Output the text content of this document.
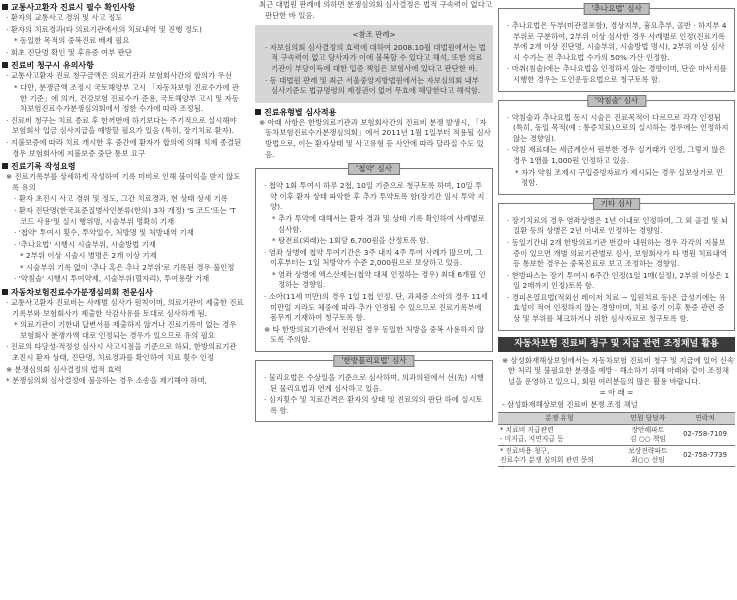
교통사고환자 진료시 필수 확인사항
· 환자의 교통사고 경위 및 사고 정도
· 환자의 치료경과(타 의료기관에서의 치료내역 및 진행 정도)
* 동일한 목적의 중복진료 배제 필요
· 회초 진단명 확인 및 후유증 여부 판단
진료비 청구시 유의사항
· 교통사고환자 진료 청구금액은 의료기관과 보험회사간의 합의가 우선
* 다만, 분쟁금액 조정시 국토해양부 고시 「자동차보험 진료수가에 관한 기준」에 의거, 건강보험 진료수가 준용, 국토해양부 고시 및 자동차보험진료수가분쟁심의회에서 정한 수가에 따라 조정됨.
· 진료비 청구는 치료 종료 후 한꺼번에 하기보다는 주기적으로 실시해야 보험회사 입금 심사지급을 예방할 필요가 있음 (특히, 장기치료 환자).
· 지불보증에 따라 치료 개시한 후 중간에 환자가 합의에 의해 치제 종결된 경우 보험회사에 지불보증 중단 통보 요구
진료기록 작성요령
※ 진료기록부를 상세하게 작성하여 기록 미비로 인해 불이익을 받지 않도록 유의
· 환자 초진시 사고 경위 및 정도, 그간 치료경과, 현 상태 상세 기록
· 환자 진단명(한국표준질병사인분류(한의) 3차 개정) 'S 코드'또는 'T 코드 사용'및 실시 행위명, 시술부위 명확히 기재
· '첩약' 투여시 횟수, 투약일수, 처방명 및 처방내역 기재
· '추나요법' 시행시 시술부위, 시술방법 기재
* 2부위 이상 시술시 병명은 2개 이상 기재
* 시술부위 기록 없이 '추나 혹은 추나 2부위'로 기록된 경우 불인정
· '약침술' 시행시 투여약제, 시술부위(혈자리), 투여용량 기재
자동차보험진료수가분쟁심의회 전문심사
· 교통사고환자 진료비는 사례별 심사가 원칙이며, 의료기관이 제출한 진료기록부와 보험회사가 제출한 삭감사유를 토대로 심사하게 됨.
* 의료기관이 기한내 답변서를 제출하지 않거나 진료기록이 없는 경우 보험회사 분쟁가액 대로 인정되는 경우가 있으므로 유의 필요
· 진료의 타당성·적정성 심사시 사고시점을 기준으로 하되, 한방의료기관 초진시 환자 상태, 진단명, 치료경과를 확인하여 치료 횟수 인정
※ 분쟁심의회 심사결정의 법적 효력
* 분쟁심의회 심사결정에 불응하는 경우 소송을 제기해야 하며,
최근 대법원 판례에 의하면 분쟁심의회 심사결정은 법적 구속력이 없다고 판단한 바 있음.
<참조 판례>
· 자보심의회 심사결정의 효력에 대하여 2008.10월 대법원에서는 법적 구속력이 없고 당사자가 이에 불복할 수 있다고 해석, 또한 의료기관이 부당이득에 대한 입증 책임은 보험사에 있다고 판단한 바.
· 동 대법원 판례 및 최근 서울중앙지방법원에서는 자보심의회 내부 심사기준도 법규명령의 제정권이 없어 무효에 해당한다고 해석함.
진료유형별 심사적용
※ 아래 사항은 한방의료기관과 보험회사간의 진료비 분쟁 발생시, 「자동차보험진료수가분쟁심의회」에서 2011년 1월 1일부터 적용될 심사방법으로, 이는 환자상태 및 사고유형 등 사안에 따라 달라질 수도 있음.
'첩약' 심사
· 첩약 1회 투여시 하루 2첩, 10일 기준으로 청구토록 하며, 10일 투약 이후 환자 상태 파악한 후 추가 투약토록 함(장기간 임시 투약 지양).
* 추가 투약에 대해서는 환자 경과 및 상태 기록 확인하여 사례별로 심사함.
* 탕전료(외래)는 1회당 6,700원을 산정토록 함.
· 염좌 상병에 첩약 투여기간은 3주 내지 4주 투여 사례가 많으며, 그 이후부터는 1일 처방약가 수준 2,000원으로 보상하고 있음.
* 염좌 상병에 엑스산제는(첩약 대체 인정하는 경우) 최대 6개월 인정하는 경향임.
· 소아(11세 미만)의 경우 1일 1첩 인정. 단, 과체중 소아의 경우 11세 미만일 지라도 체중에 따라 추가 인정될 수 있으므로 진료기록부에 몸무게 기재하여 청구토록 함.
※ 타 한방의료기관에서 전원된 경우 동일한 처방을 중복 사용하지 않도록 주의함.
'한방물리요법' 심사
· 물리요법은 수상일을 기준으로 심사하며, 의과의원에서 선(先) 시행된 물리요법과 연계 심사하고 있음.
· 심지횟수 및 치료간격은 환자의 상태 및 진료의의 판단 하에 실시토록 함.
'추나요법' 심사
· 추나요법은 두부(미관절포함), 경상지부, 흉요추부, 골반 · 하지부 4부위로 구분하여, 2부위 이상 심사한 경우 사례별로 인정(진료기록부에 2개 이상 진단명, 시술부위, 시술방법 명시), 2부위 이상 심사시 수가는 전 추나요법 수가의 50% 가산 인정함.
· 마취(침술)에는 추나요법을 인정하지 않는 경향이며, 단순 마사지를 시행한 경우는 도인운동요법으로 청구토록 함.
'약침술' 심사
· 약침술과 추나요법 동시 시술은 진료목적이 다르므로 각각 인정됨(특히, 동일 목적(예 : 통증치료)으로의 실시하는 경우에는 인정하지 않는 경향임).
· 약침 재료대는 세금계산서 원부한 경우 실거래가 인정, 그렇지 않은 경우 1앰플 1,000원 인정하고 있음.
* 자가 약침 조제시 구입증빙자료가 제시되는 경우 실보상가로 인정함.
기타 심사
· 장기치료의 경우 염좌상병은 1년 이내로 인정하며, 그 외 골절 및 뇌질환 등의 상병은 2년 이내로 인정하는 경향임.
· 동일기간내 2개 한방의료기관 번갈아 내원하는 경우 각각의 지불보증이 있으면 개별 의료기관별로 심사, 보험회사가 타 병원 치료내역 등 통보한 경우는 중복진료로 보고 조정하는 경향임.
· 한방파스는 장기 투여시 6주간 인정(1일 1매(실정), 2부위 이상은 1일 2매까지 인정)토록 함.
· 경피온열요법(적외선 레이저 치료 ~ 입원치료 등)은 급성기에는 유효성이 적어 인정하지 않는 경향이며, 치료 중기 이후 통증 관련 증상 및 부위를 체크하거나 위한 심사자료로 청구토록 함.
자동차보험 진료비 청구 및 지급 관련 조정채널 활용
※ 삼성화재해상보험에서는 자동차보험 진료비 청구 및 지급에 있어 신속한 처리 및 불필요한 분쟁을 예방 · 해소하기 위해 아래와 같이 조정채널을 운영하고 있으니, 회원 여러분들의 많은 활용 바랍니다.
= 아 래 =
- 삼성화재해상보험 진료비 분쟁 조정 채널
분쟁 유형	민원 담당자	연락처
* 치료비 지급관련
- 미지급, 지연지급 등	장안해파트
김 ○○ 책임	02-758-7109
* 진료비용 청구,
진료수가 분쟁 심의회 관련 문의	보상전략파트
최○○ 선임	02-758-7739
